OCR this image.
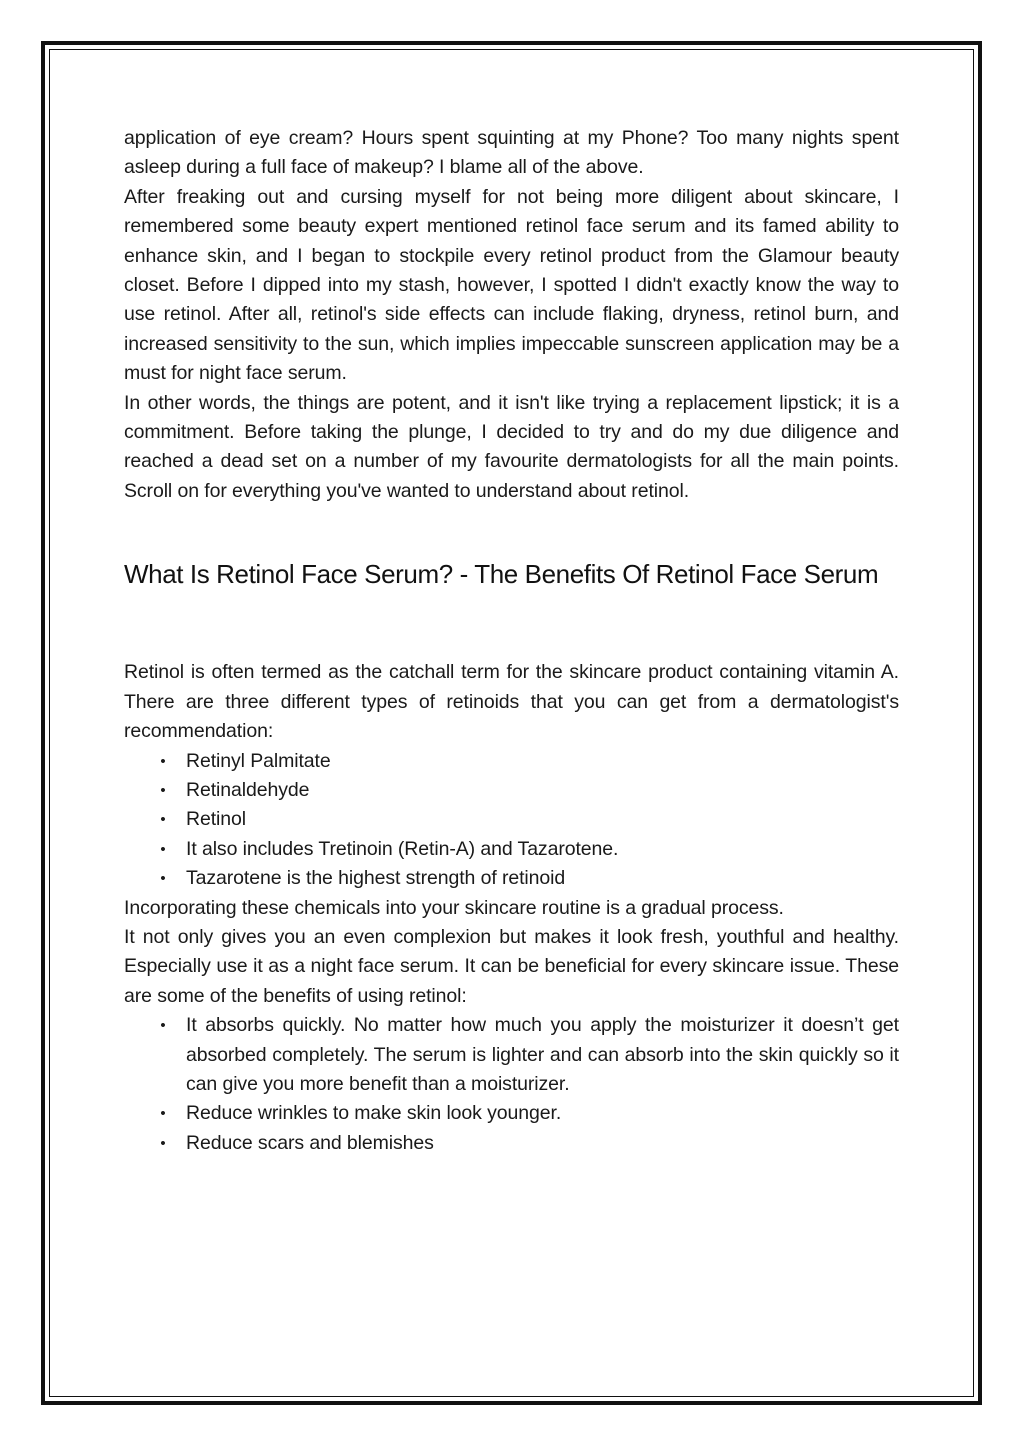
application of eye cream? Hours spent squinting at my Phone? Too many nights spent asleep during a full face of makeup? I blame all of the above.

After freaking out and cursing myself for not being more diligent about skincare, I remembered some beauty expert mentioned retinol face serum and its famed ability to enhance skin, and I began to stockpile every retinol product from the Glamour beauty closet. Before I dipped into my stash, however, I spotted I didn't exactly know the way to use retinol. After all, retinol's side effects can include flaking, dryness, retinol burn, and increased sensitivity to the sun, which implies impeccable sunscreen application may be a must for night face serum.

In other words, the things are potent, and it isn't like trying a replacement lipstick; it is a commitment. Before taking the plunge, I decided to try and do my due diligence and reached a dead set on a number of my favourite dermatologists for all the main points. Scroll on for everything you've wanted to understand about retinol.

What Is Retinol Face Serum? - The Benefits Of Retinol Face Serum

Retinol is often termed as the catchall term for the skincare product containing vitamin A. There are three different types of retinoids that you can get from a dermatologist's recommendation:

• Retinyl Palmitate
• Retinaldehyde
• Retinol
• It also includes Tretinoin (Retin-A) and Tazarotene.
• Tazarotene is the highest strength of retinoid

Incorporating these chemicals into your skincare routine is a gradual process.

It not only gives you an even complexion but makes it look fresh, youthful and healthy. Especially use it as a night face serum. It can be beneficial for every skincare issue. These are some of the benefits of using retinol:

• It absorbs quickly. No matter how much you apply the moisturizer it doesn’t get absorbed completely. The serum is lighter and can absorb into the skin quickly so it can give you more benefit than a moisturizer.
• Reduce wrinkles to make skin look younger.
• Reduce scars and blemishes
